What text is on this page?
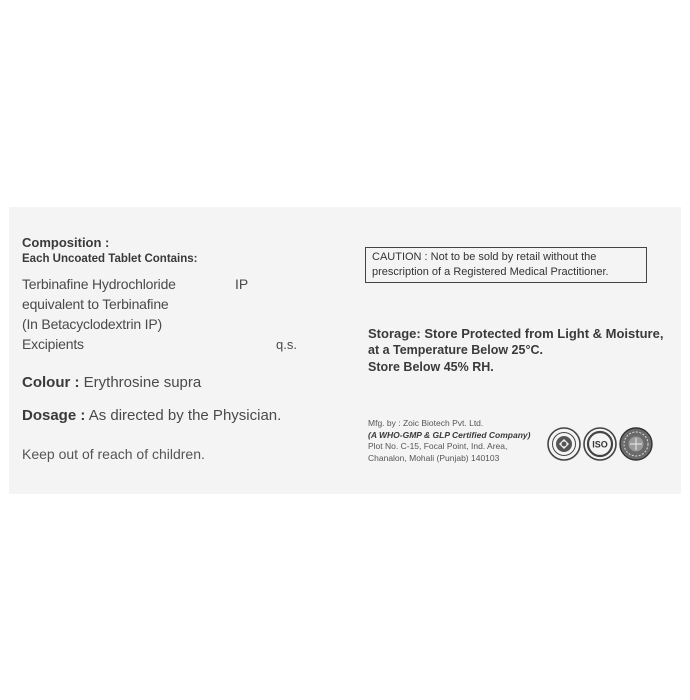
Composition :
Each Uncoated Tablet Contains:
Terbinafine Hydrochloride	IP
equivalent to Terbinafine
(In Betacyclodextrin IP)
Excipients	q.s.
Colour : Erythrosine supra
Dosage : As directed by the Physician.
Keep out of reach of children.
CAUTION : Not to be sold by retail without the
prescription of a Registered Medical Practitioner.
Storage: Store Protected from Light & Moisture,
at a Temperature Below 25°C.
Store Below 45% RH.
Mfg. by : Zoic Biotech Pvt. Ltd.
(A WHO-GMP & GLP Certified Company)
Plot No. C-15, Focal Point, Ind. Area,
Chanalon, Mohali (Punjab) 140103
ISO
